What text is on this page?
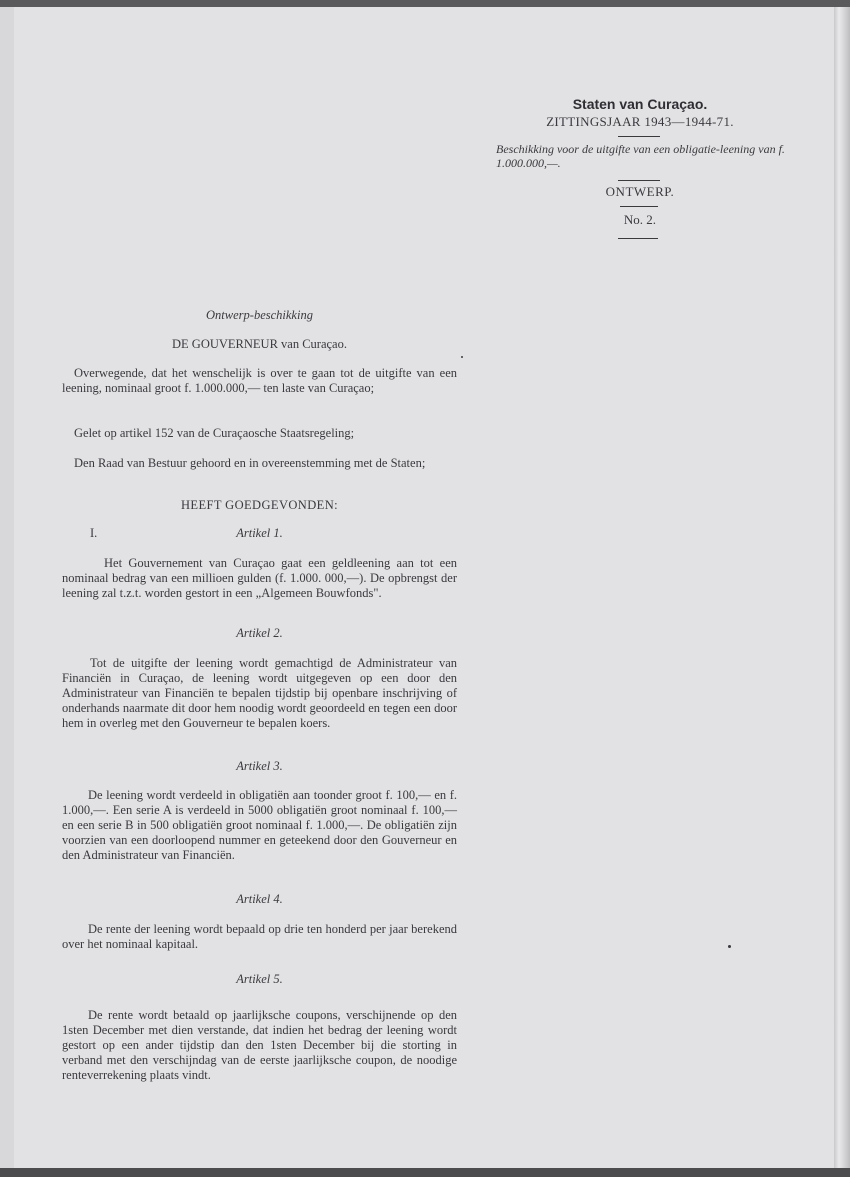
Staten van Curaçao.
ZITTINGSJAAR 1943—1944-71.
Beschikking voor de uitgifte van een obligatie-leening van f. 1.000.000,—.
ONTWERP.
No. 2.
Ontwerp-beschikking
DE GOUVERNEUR van Curaçao.

Overwegende, dat het wenschelijk is over te gaan tot de uitgifte van een leening, nominaal groot f. 1.000.000,— ten laste van Curaçao;

Gelet op artikel 152 van de Curaçaosche Staatsregeling;

Den Raad van Bestuur gehoord en in overeenstemming met de Staten;

HEEFT GOEDGEVONDEN:
I.	Artikel 1.

Het Gouvernement van Curaçao gaat een geldleening aan tot een nominaal bedrag van een millioen gulden (f. 1.000. 000,—). De opbrengst der leening zal t.z.t. worden gestort in een „Algemeen Bouwfonds".

Artikel 2.

Tot de uitgifte der leening wordt gemachtigd de Administrateur van Financiën in Curaçao, de leening wordt uitgegeven op een door den Administrateur van Financiën te bepalen tijdstip bij openbare inschrijving of onderhands naarmate dit door hem noodig wordt geoordeeld en tegen een door hem in overleg met den Gouverneur te bepalen koers.

Artikel 3.

De leening wordt verdeeld in obligatiën aan toonder groot f. 100,— en f. 1.000,—. Een serie A is verdeeld in 5000 obligatiën groot nominaal f. 100,— en een serie B in 500 obligatiën groot nominaal f. 1.000,—. De obligatiën zijn voorzien van een doorloopend nummer en geteekend door den Gouverneur en den Administrateur van Financiën.

Artikel 4.

De rente der leening wordt bepaald op drie ten honderd per jaar berekend over het nominaal kapitaal.

Artikel 5.

De rente wordt betaald op jaarlijksche coupons, verschijnende op den 1sten December met dien verstande, dat indien het bedrag der leening wordt gestort op een ander tijdstip dan den 1sten December bij die storting in verband met den verschijndag van de eerste jaarlijksche coupon, de noodige renteverrekening plaats vindt.
